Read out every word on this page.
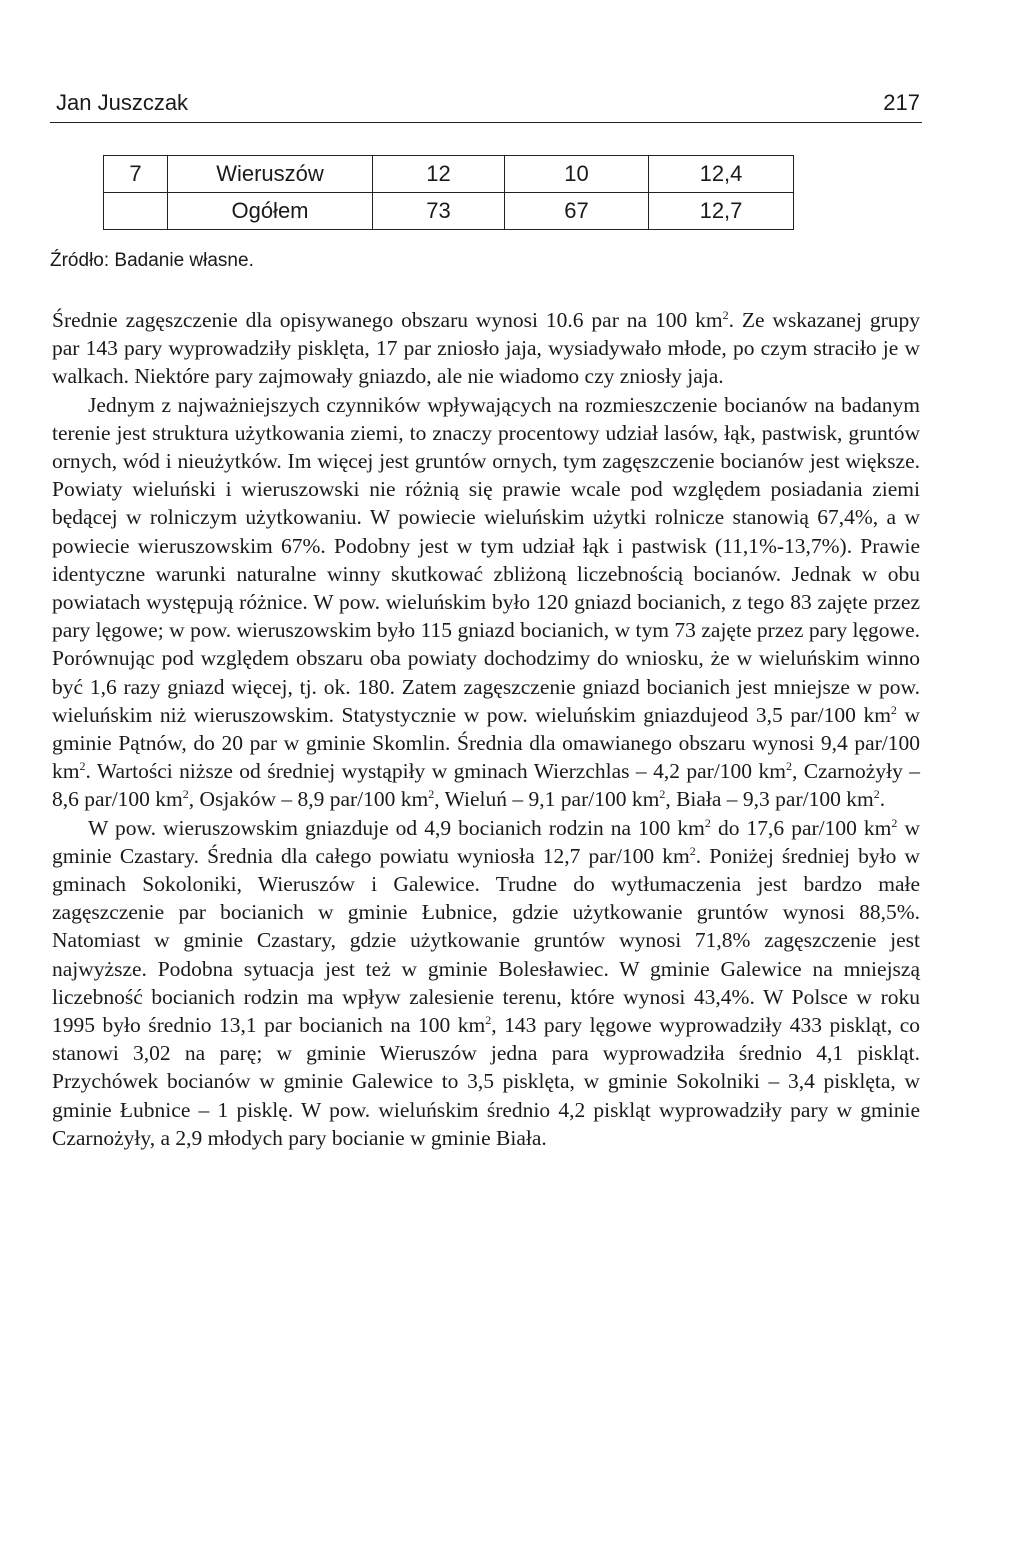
Jan Juszczak	217
7	Wieruszów	12	10	12,4
	Ogółem	73	67	12,7
Źródło: Badanie własne.

Średnie zagęszczenie dla opisywanego obszaru wynosi 10.6 par na 100 $km^2$. Ze wskazanej grupy par 143 pary wyprowadziły pisklęta, 17 par zniosło jaja, wysiadywało młode, po czym straciło je w walkach. Niektóre pary zajmowały gniazdo, ale nie wiadomo czy zniosły jaja.

Jednym z najważniejszych czynników wpływających na rozmieszczenie bocianów na badanym terenie jest struktura użytkowania ziemi, to znaczy procentowy udział lasów, łąk, pastwisk, gruntów ornych, wód i nieużytków. Im więcej jest gruntów ornych, tym zagęszczenie bocianów jest większe. Powiaty wieluński i wieruszowski nie różnią się prawie wcale pod względem posiadania ziemi będącej w rolniczym użytkowaniu. W powiecie wieluńskim użytki rolnicze stanowią 67,4%, a w powiecie wieruszowskim 67%. Podobny jest w tym udział łąk i pastwisk (11,1%-13,7%). Prawie identyczne warunki naturalne winny skutkować zbliżoną liczebnością bocianów. Jednak w obu powiatach występują różnice. W pow. wieluńskim było 120 gniazd bocianich, z tego 83 zajęte przez pary lęgowe; w pow. wieruszowskim było 115 gniazd bocianich, w tym 73 zajęte przez pary lęgowe. Porównując pod względem obszaru oba powiaty dochodzimy do wniosku, że w wieluńskim winno być 1,6 razy gniazd więcej, tj. ok. 180. Zatem zagęszczenie gniazd bocianich jest mniejsze w pow. wieluńskim niż wieruszowskim. Statystycznie w pow. wieluńskim gniazdujeod 3,5 par/100 $km^2$ w gminie Pątnów, do 20 par w gminie Skomlin. Średnia dla omawianego obszaru wynosi 9,4 par/100 $km^2$. Wartości niższe od średniej wystąpiły w gminach Wierzchlas – 4,2 par/100 $km^2$, Czarnożyły – 8,6 par/100 $km^2$, Osjaków – 8,9 par/100 $km^2$, Wieluń – 9,1 par/100 $km^2$, Biała – 9,3 par/100 $km^2$.

W pow. wieruszowskim gniazduje od 4,9 bocianich rodzin na 100 $km^2$ do 17,6 par/100 $km^2$ w gminie Czastary. Średnia dla całego powiatu wyniosła 12,7 par/100 $km^2$. Poniżej średniej było w gminach Sokoloniki, Wieruszów i Galewice. Trudne do wytłumaczenia jest bardzo małe zagęszczenie par bocianich w gminie Łubnice, gdzie użytkowanie gruntów wynosi 88,5%. Natomiast w gminie Czastary, gdzie użytkowanie gruntów wynosi 71,8% zagęszczenie jest najwyższe. Podobna sytuacja jest też w gminie Bolesławiec. W gminie Galewice na mniejszą liczebność bocianich rodzin ma wpływ zalesienie terenu, które wynosi 43,4%. W Polsce w roku 1995 było średnio 13,1 par bocianich na 100 $km^2$, 143 pary lęgowe wyprowadziły 433 piskląt, co stanowi 3,02 na parę; w gminie Wieruszów jedna para wyprowadziła średnio 4,1 piskląt. Przychówek bocianów w gminie Galewice to 3,5 pisklęta, w gminie Sokolniki – 3,4 pisklęta, w gminie Łubnice – 1 pisklę. W pow. wieluńskim średnio 4,2 piskląt wyprowadziły pary w gminie Czarnożyły, a 2,9 młodych pary bocianie w gminie Biała.
